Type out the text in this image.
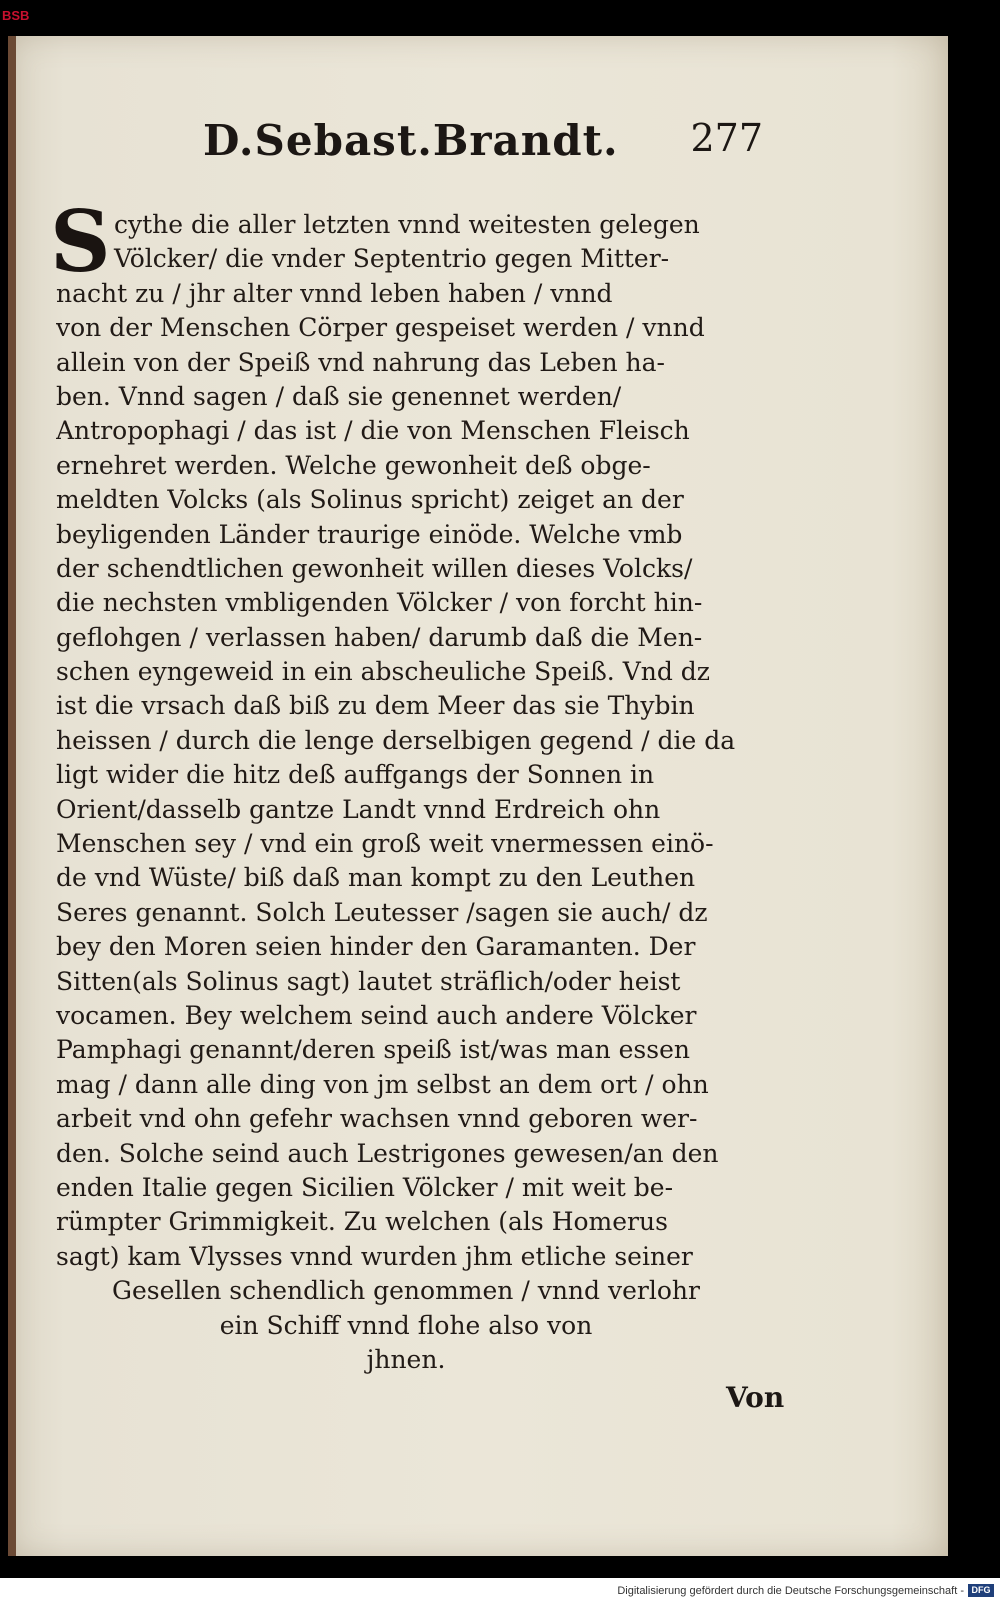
BSB
D.Sebast.Brandt. 277
S cythe die aller letzten vnnd weitesten gelegen
Völcker/ die vnder Septentrio gegen Mitter-
nacht zu / jhr alter vnnd leben haben / vnnd
von der Menschen Cörper gespeiset werden / vnnd
allein von der Speiß vnd nahrung das Leben ha-
ben. Vnnd sagen / daß sie genennet werden/
Antropophagi / das ist / die von Menschen Fleisch
ernehret werden. Welche gewonheit deß obge-
meldten Volcks (als Solinus spricht) zeiget an der
beyligenden Länder traurige einöde. Welche vmb
der schendtlichen gewonheit willen dieses Volcks/
die nechsten vmbligenden Völcker / von forcht hin-
geflohgen / verlassen haben/ darumb daß die Men-
schen eyngeweid in ein abscheuliche Speiß. Vnd dz
ist die vrsach daß biß zu dem Meer das sie Thybin
heissen / durch die lenge derselbigen gegend / die da
ligt wider die hitz deß auffgangs der Sonnen in
Orient/dasselb gantze Landt vnnd Erdreich ohn
Menschen sey / vnd ein groß weit vnermessen einö-
de vnd Wüste/ biß daß man kompt zu den Leuthen
Seres genannt. Solch Leutesser /sagen sie auch/ dz
bey den Moren seien hinder den Garamanten. Der
Sitten(als Solinus sagt) lautet sträflich/oder heist
vocamen. Bey welchem seind auch andere Völcker
Pamphagi genannt/deren speiß ist/was man essen
mag / dann alle ding von jm selbst an dem ort / ohn
arbeit vnd ohn gefehr wachsen vnnd geboren wer-
den. Solche seind auch Lestrigones gewesen/an den
enden Italie gegen Sicilien Völcker / mit weit be-
rümpter Grimmigkeit. Zu welchen (als Homerus
sagt) kam Vlysses vnnd wurden jhm etliche seiner
Gesellen schendlich genommen / vnnd verlohr
ein Schiff vnnd flohe also von
jhnen.
Von
Digitalisierung gefördert durch die Deutsche Forschungsgemeinschaft - DFG
